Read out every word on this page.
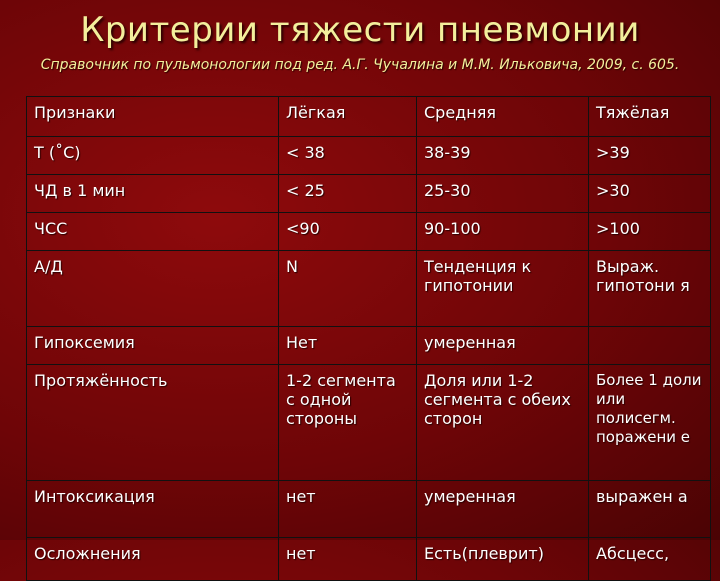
Критерии тяжести пневмонии
Справочник по пульмонологии под ред. А.Г. Чучалина и М.М. Ильковича, 2009, с. 605.
Признаки	Лёгкая	Средняя	Тяжёлая
Т (˚С)	< 38	38-39	>39
ЧД в 1 мин	< 25	25-30	>30
ЧСС	<90	90-100	>100
А/Д	N	Тенденция к гипотонии	Выраж. гипотони я
Гипоксемия	Нет	умеренная	
Протяжённость	1-2 сегмента с одной стороны	Доля или 1-2 сегмента с обеих сторон	Более 1 доли или полисегм. поражени е
Интоксикация	нет	умеренная	выражен а
Осложнения	нет	Есть(плеврит)	Абсцесс,
